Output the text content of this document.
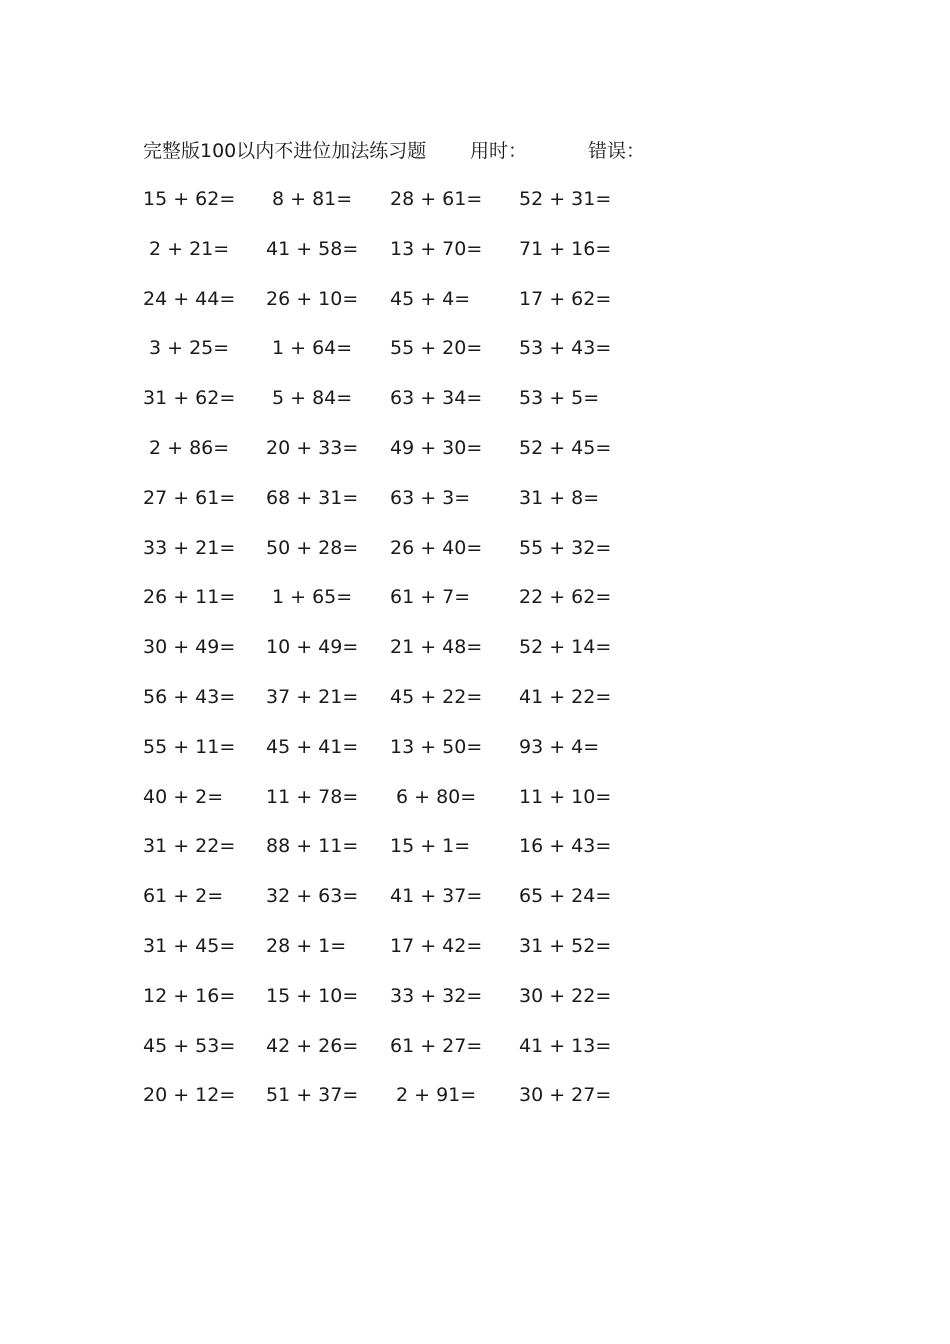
完整版100以内不进位加法练习题 用时：	错误：
15 + 62=	8 + 81=	28 + 61=	52 + 31=
2 + 21=	41 + 58=	13 + 70=	71 + 16=
24 + 44=	26 + 10=	45 + 4=	17 + 62=
3 + 25=	1 + 64=	55 + 20=	53 + 43=
31 + 62=	5 + 84=	63 + 34=	53 + 5=
2 + 86=	20 + 33=	49 + 30=	52 + 45=
27 + 61=	68 + 31=	63 + 3=	31 + 8=
33 + 21=	50 + 28=	26 + 40=	55 + 32=
26 + 11=	1 + 65=	61 + 7=	22 + 62=
30 + 49=	10 + 49=	21 + 48=	52 + 14=
56 + 43=	37 + 21=	45 + 22=	41 + 22=
55 + 11=	45 + 41=	13 + 50=	93 + 4=
40 + 2=	11 + 78=	6 + 80=	11 + 10=
31 + 22=	88 + 11=	15 + 1=	16 + 43=
61 + 2=	32 + 63=	41 + 37=	65 + 24=
31 + 45=	28 + 1=	17 + 42=	31 + 52=
12 + 16=	15 + 10=	33 + 32=	30 + 22=
45 + 53=	42 + 26=	61 + 27=	41 + 13=
20 + 12=	51 + 37=	2 + 91=	30 + 27=
